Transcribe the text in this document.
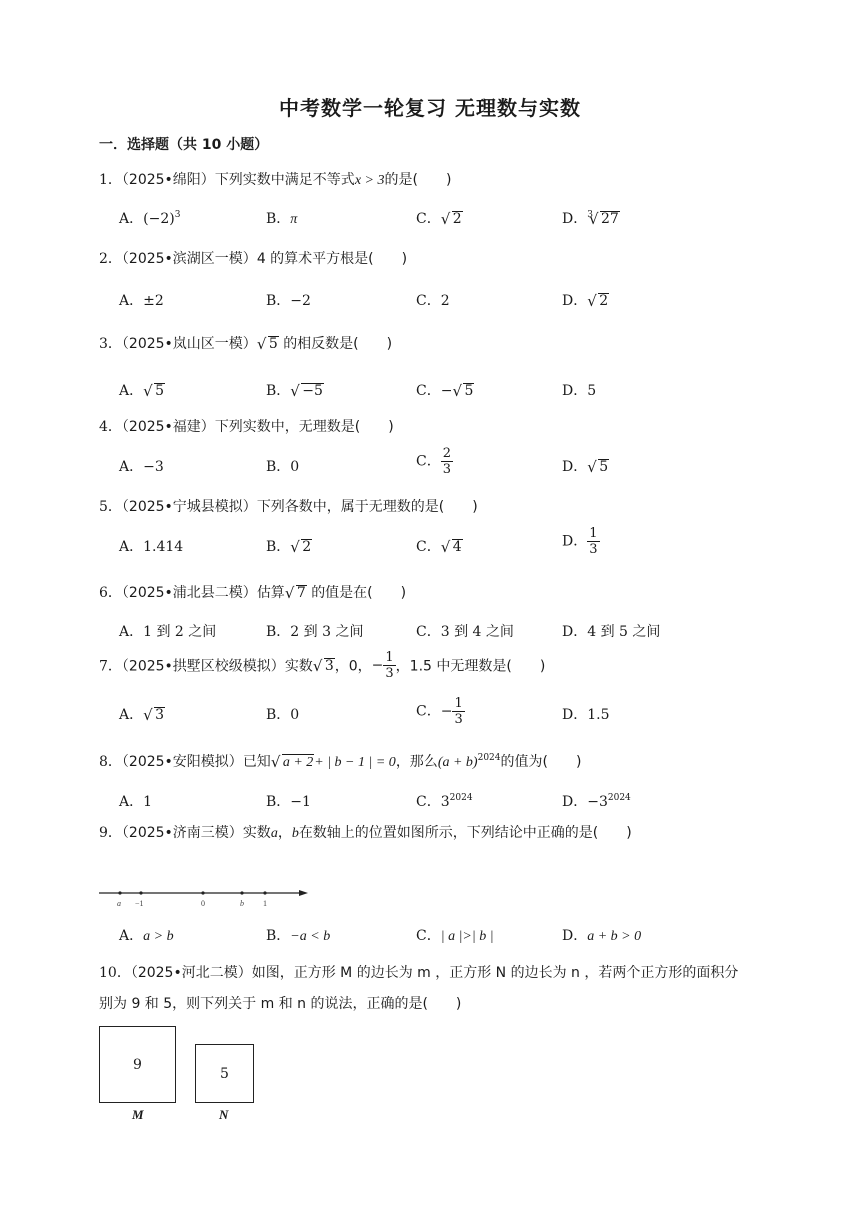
中考数学一轮复习 无理数与实数
一．选择题（共 10 小题）
1．（2025•绵阳）下列实数中满足不等式x > 3的是(　　)
A．$(-2)^3$	B．π	C． √ 2	D．$^3$ √ 27
2．（2025•滨湖区一模）4 的算术平方根是(　　)
A．±2	B．−2	C．2	D． √ 2
3．（2025•岚山区一模） √ 5 的相反数是(　　)
A． √ 5	B． √ −5	C．− √ 5	D．5
4．（2025•福建）下列实数中，无理数是(　　)
A．−3	B．0	C． $\frac{2}{3}$	D． √ 5
5．（2025•宁城县模拟）下列各数中，属于无理数的是(　　)
A．1.414	B． √ 2	C． √ 4	D． $\frac{1}{3}$
6．（2025•浦北县二模）估算 √ 7 的值是在(　　)
A．1 到 2 之间	B．2 到 3 之间	C．3 到 4 之间	D．4 到 5 之间
7．（2025•拱墅区校级模拟）实数 √ 3，0，− $\frac{1}{3}$ ，1.5 中无理数是(　　)
A． √ 3	B．0	C．− $\frac{1}{3}$	D．1.5
8．（2025•安阳模拟）已知 √ a + 2+ | b − 1 | = 0，那么$(a + b)^{2024}$的值为(　　)
A．1	B．−1	C．$3^{2024}$	D．$-3^{2024}$
9．（2025•济南三模）实数a，b在数轴上的位置如图所示，下列结论中正确的是(　　)
a −1	0	b 1
A．a > b	B．−a < b	C．| a |>| b |	D．a + b > 0
10．（2025•河北二模）如图，正方形 M 的边长为 m ，正方形 N 的边长为 n ，若两个正方形的面积分
别为 9 和 5，则下列关于 m 和 n 的说法，正确的是(　　)
9
5
M	N
